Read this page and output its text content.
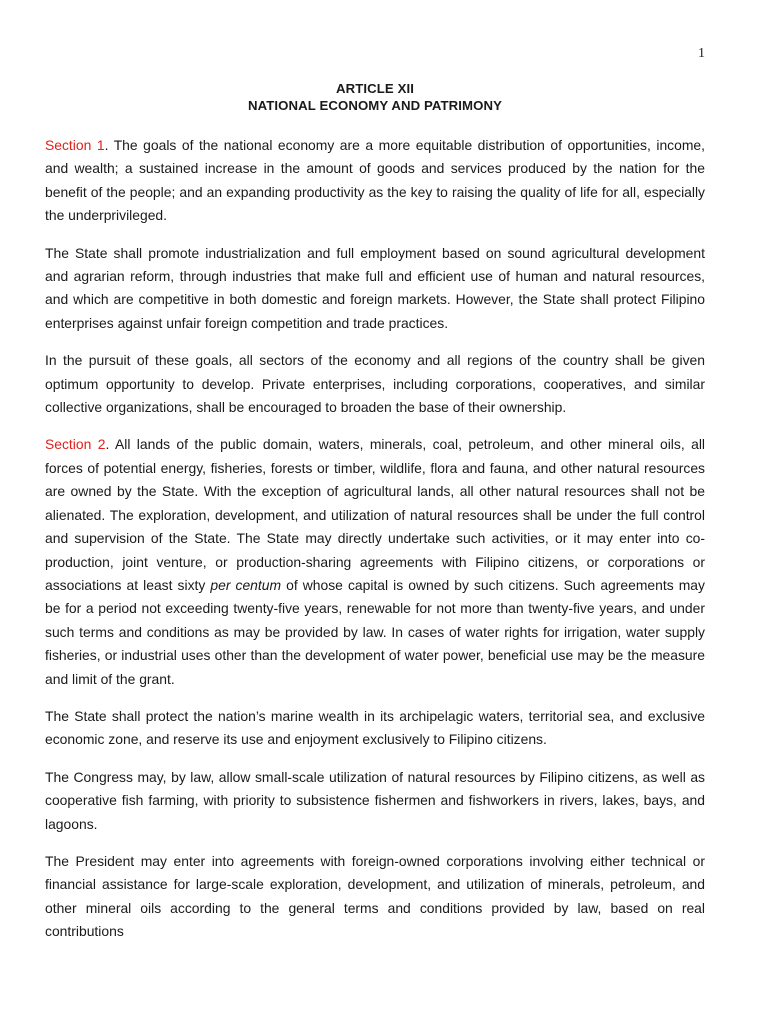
1
ARTICLE XII
NATIONAL ECONOMY AND PATRIMONY

Section 1. The goals of the national economy are a more equitable distribution of opportunities, income, and wealth; a sustained increase in the amount of goods and services produced by the nation for the benefit of the people; and an expanding productivity as the key to raising the quality of life for all, especially the underprivileged.

The State shall promote industrialization and full employment based on sound agricultural development and agrarian reform, through industries that make full and efficient use of human and natural resources, and which are competitive in both domestic and foreign markets. However, the State shall protect Filipino enterprises against unfair foreign competition and trade practices.

In the pursuit of these goals, all sectors of the economy and all regions of the country shall be given optimum opportunity to develop. Private enterprises, including corporations, cooperatives, and similar collective organizations, shall be encouraged to broaden the base of their ownership.

Section 2. All lands of the public domain, waters, minerals, coal, petroleum, and other mineral oils, all forces of potential energy, fisheries, forests or timber, wildlife, flora and fauna, and other natural resources are owned by the State. With the exception of agricultural lands, all other natural resources shall not be alienated. The exploration, development, and utilization of natural resources shall be under the full control and supervision of the State. The State may directly undertake such activities, or it may enter into co-production, joint venture, or production-sharing agreements with Filipino citizens, or corporations or associations at least sixty per centum of whose capital is owned by such citizens. Such agreements may be for a period not exceeding twenty-five years, renewable for not more than twenty-five years, and under such terms and conditions as may be provided by law. In cases of water rights for irrigation, water supply fisheries, or industrial uses other than the development of water power, beneficial use may be the measure and limit of the grant.

The State shall protect the nation’s marine wealth in its archipelagic waters, territorial sea, and exclusive economic zone, and reserve its use and enjoyment exclusively to Filipino citizens.

The Congress may, by law, allow small-scale utilization of natural resources by Filipino citizens, as well as cooperative fish farming, with priority to subsistence fishermen and fishworkers in rivers, lakes, bays, and lagoons.

The President may enter into agreements with foreign-owned corporations involving either technical or financial assistance for large-scale exploration, development, and utilization of minerals, petroleum, and other mineral oils according to the general terms and conditions provided by law, based on real contributions
